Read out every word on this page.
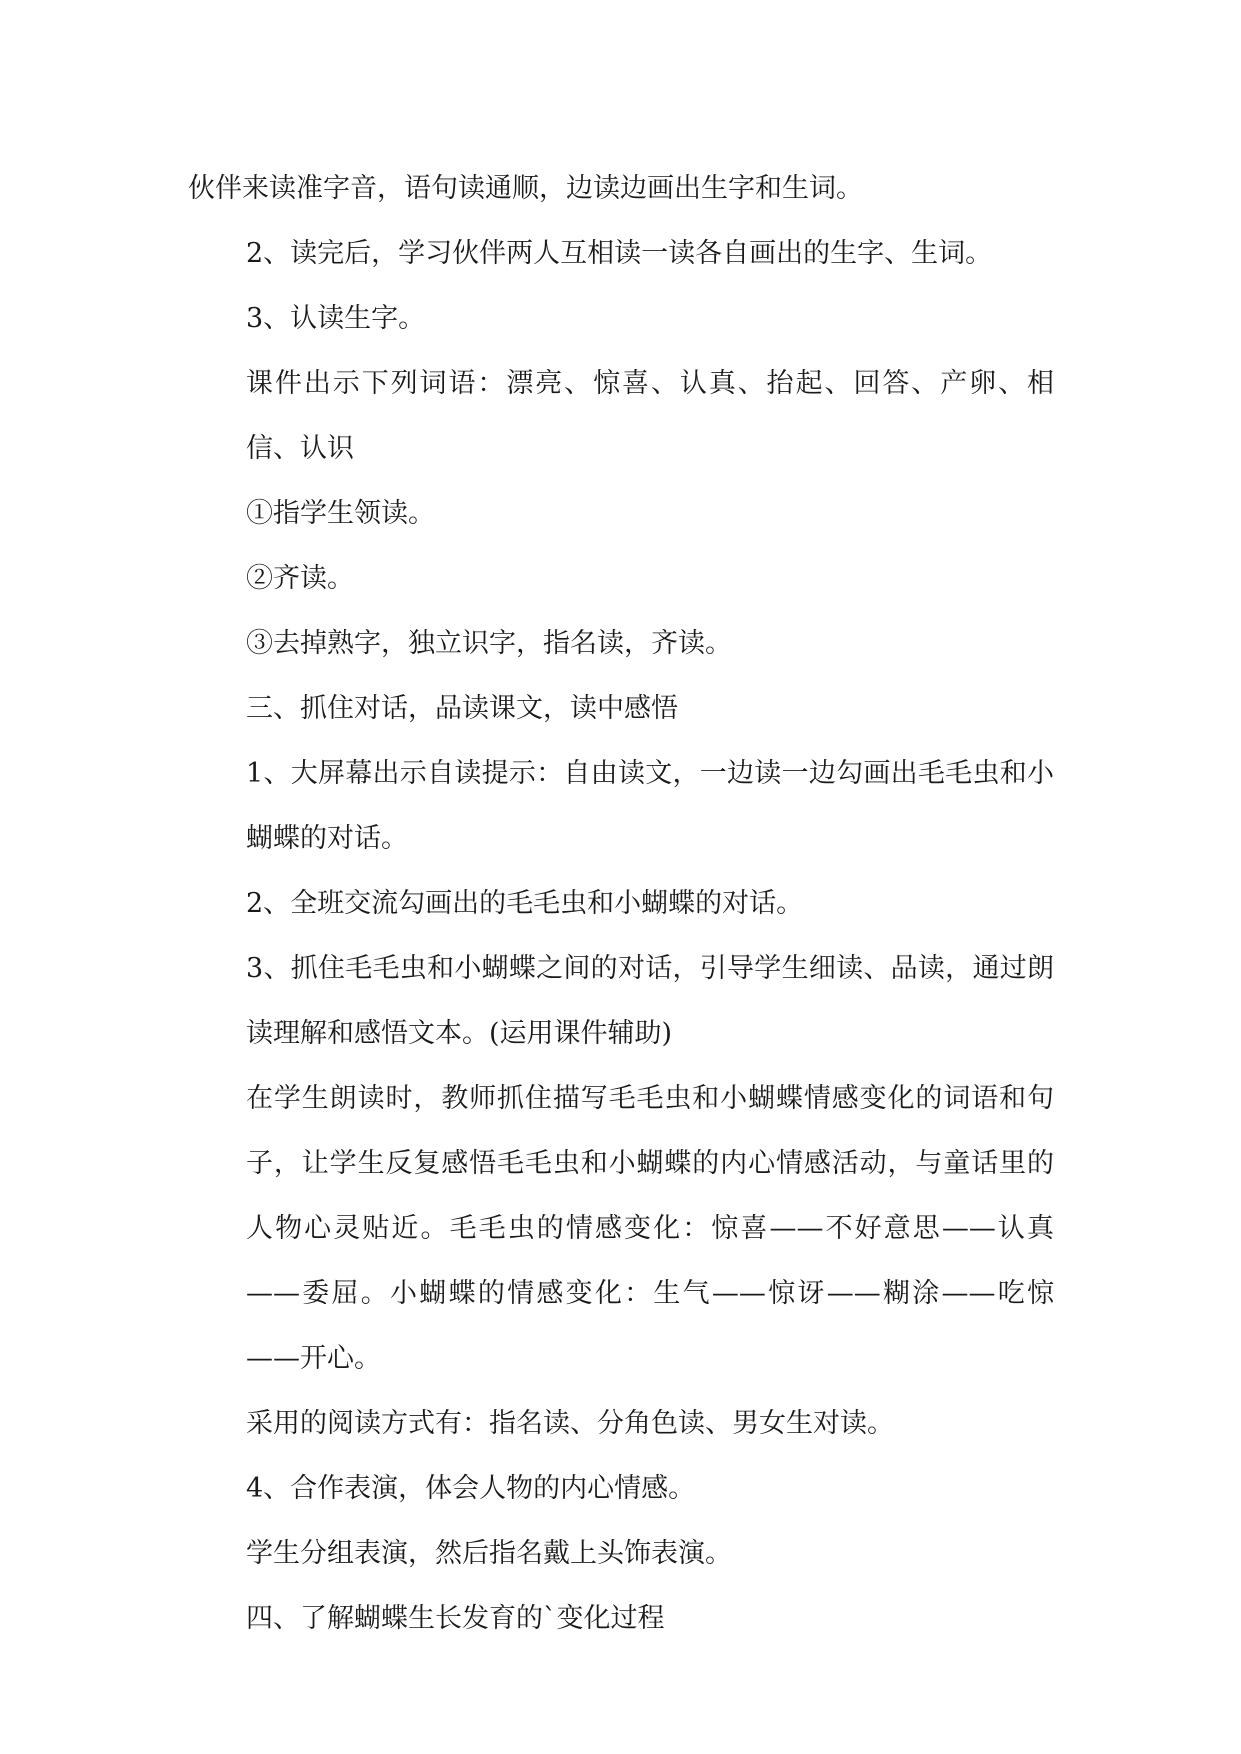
伙伴来读准字音，语句读通顺，边读边画出生字和生词。

2、读完后，学习伙伴两人互相读一读各自画出的生字、生词。

3、认读生字。

课件出示下列词语：漂亮、惊喜、认真、抬起、回答、产卵、相信、认识

①指学生领读。

②齐读。

③去掉熟字，独立识字，指名读，齐读。

三、抓住对话，品读课文，读中感悟

1、大屏幕出示自读提示：自由读文，一边读一边勾画出毛毛虫和小蝴蝶的对话。

2、全班交流勾画出的毛毛虫和小蝴蝶的对话。

3、抓住毛毛虫和小蝴蝶之间的对话，引导学生细读、品读，通过朗读理解和感悟文本。(运用课件辅助)

在学生朗读时，教师抓住描写毛毛虫和小蝴蝶情感变化的词语和句子，让学生反复感悟毛毛虫和小蝴蝶的内心情感活动，与童话里的人物心灵贴近。毛毛虫的情感变化：惊喜——不好意思——认真——委屈。小蝴蝶的情感变化：生气——惊讶——糊涂——吃惊——开心。

采用的阅读方式有：指名读、分角色读、男女生对读。

4、合作表演，体会人物的内心情感。

学生分组表演，然后指名戴上头饰表演。

四、了解蝴蝶生长发育的`变化过程
